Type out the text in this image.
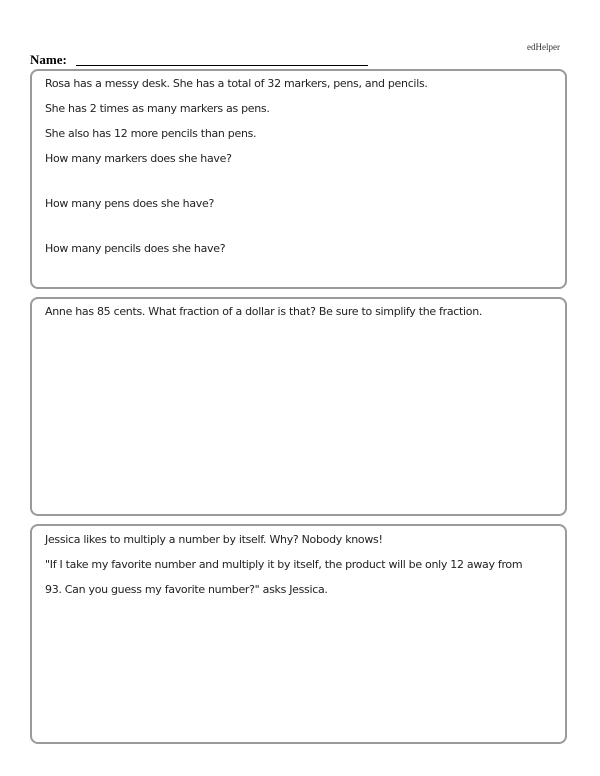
edHelper
Name:

Rosa has a messy desk. She has a total of 32 markers, pens, and pencils.

She has 2 times as many markers as pens.

She also has 12 more pencils than pens.

How many markers does she have?

How many pens does she have?

How many pencils does she have?

Anne has 85 cents. What fraction of a dollar is that? Be sure to simplify the fraction.

Jessica likes to multiply a number by itself. Why? Nobody knows!

"If I take my favorite number and multiply it by itself, the product will be only 12 away from

93. Can you guess my favorite number?" asks Jessica.
